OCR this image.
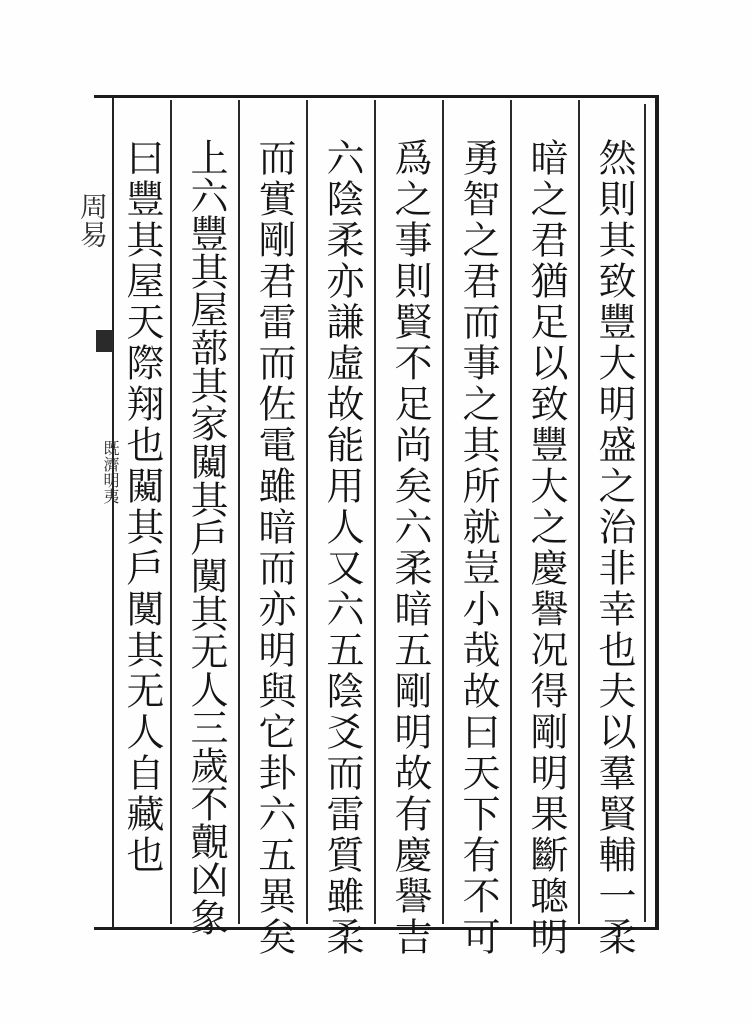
周易
既濟明夷	然則其致豐大明盛之治非幸也夫以羣賢輔一柔
暗之君猶足以致豐大之慶譽况得剛明果斷聰明
勇智之君而事之其所就豈小哉故曰天下有不可
爲之事則賢不足尚矣六柔暗五剛明故有慶譽吉
六陰柔亦謙虛故能用人又六五陰爻而雷質雖柔
而實剛君雷而佐電雖暗而亦明與它卦六五異矣
上六豐其屋蔀其家闚其戶闃其无人三歲不覿凶象
曰豐其屋天際翔也闚其戶闃其无人自藏也
